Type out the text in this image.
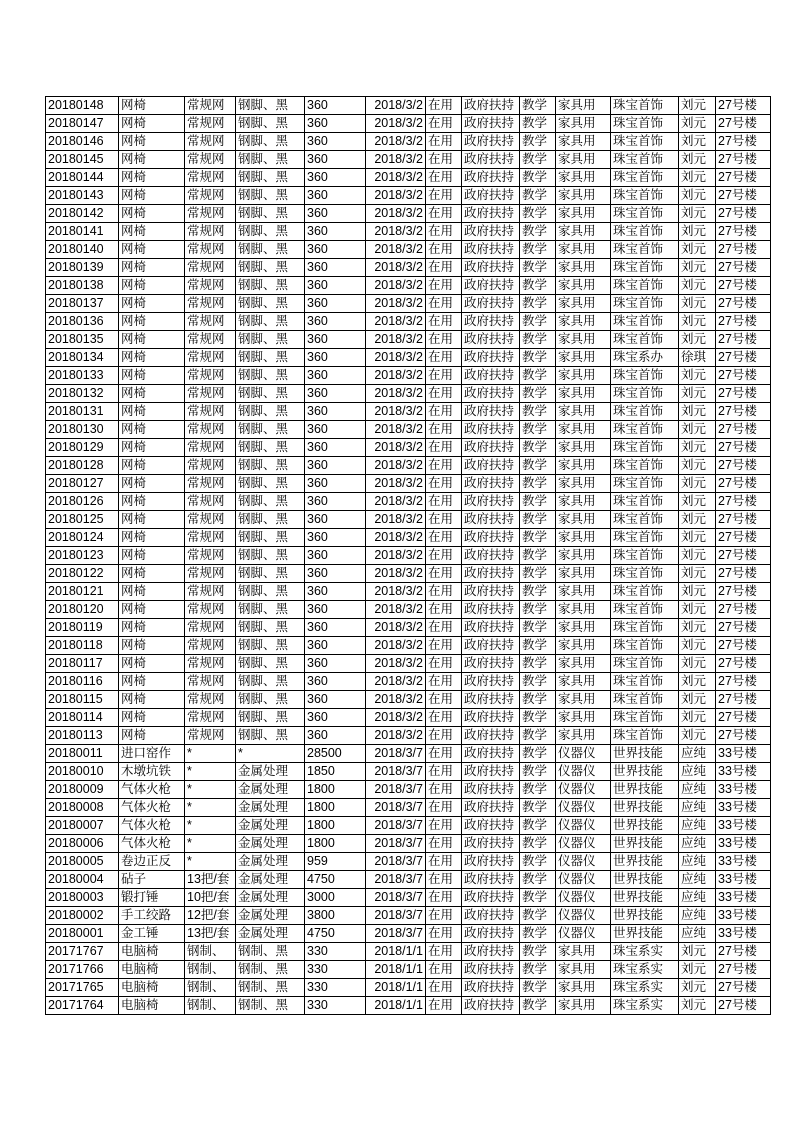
20180148	网椅	常规网	钢脚、黑	360	2018/3/2	在用	政府扶持	教学	家具用	珠宝首饰	刘元	27号楼
20180147	网椅	常规网	钢脚、黑	360	2018/3/2	在用	政府扶持	教学	家具用	珠宝首饰	刘元	27号楼
20180146	网椅	常规网	钢脚、黑	360	2018/3/2	在用	政府扶持	教学	家具用	珠宝首饰	刘元	27号楼
20180145	网椅	常规网	钢脚、黑	360	2018/3/2	在用	政府扶持	教学	家具用	珠宝首饰	刘元	27号楼
20180144	网椅	常规网	钢脚、黑	360	2018/3/2	在用	政府扶持	教学	家具用	珠宝首饰	刘元	27号楼
20180143	网椅	常规网	钢脚、黑	360	2018/3/2	在用	政府扶持	教学	家具用	珠宝首饰	刘元	27号楼
20180142	网椅	常规网	钢脚、黑	360	2018/3/2	在用	政府扶持	教学	家具用	珠宝首饰	刘元	27号楼
20180141	网椅	常规网	钢脚、黑	360	2018/3/2	在用	政府扶持	教学	家具用	珠宝首饰	刘元	27号楼
20180140	网椅	常规网	钢脚、黑	360	2018/3/2	在用	政府扶持	教学	家具用	珠宝首饰	刘元	27号楼
20180139	网椅	常规网	钢脚、黑	360	2018/3/2	在用	政府扶持	教学	家具用	珠宝首饰	刘元	27号楼
20180138	网椅	常规网	钢脚、黑	360	2018/3/2	在用	政府扶持	教学	家具用	珠宝首饰	刘元	27号楼
20180137	网椅	常规网	钢脚、黑	360	2018/3/2	在用	政府扶持	教学	家具用	珠宝首饰	刘元	27号楼
20180136	网椅	常规网	钢脚、黑	360	2018/3/2	在用	政府扶持	教学	家具用	珠宝首饰	刘元	27号楼
20180135	网椅	常规网	钢脚、黑	360	2018/3/2	在用	政府扶持	教学	家具用	珠宝首饰	刘元	27号楼
20180134	网椅	常规网	钢脚、黑	360	2018/3/2	在用	政府扶持	教学	家具用	珠宝系办	徐琪	27号楼
20180133	网椅	常规网	钢脚、黑	360	2018/3/2	在用	政府扶持	教学	家具用	珠宝首饰	刘元	27号楼
20180132	网椅	常规网	钢脚、黑	360	2018/3/2	在用	政府扶持	教学	家具用	珠宝首饰	刘元	27号楼
20180131	网椅	常规网	钢脚、黑	360	2018/3/2	在用	政府扶持	教学	家具用	珠宝首饰	刘元	27号楼
20180130	网椅	常规网	钢脚、黑	360	2018/3/2	在用	政府扶持	教学	家具用	珠宝首饰	刘元	27号楼
20180129	网椅	常规网	钢脚、黑	360	2018/3/2	在用	政府扶持	教学	家具用	珠宝首饰	刘元	27号楼
20180128	网椅	常规网	钢脚、黑	360	2018/3/2	在用	政府扶持	教学	家具用	珠宝首饰	刘元	27号楼
20180127	网椅	常规网	钢脚、黑	360	2018/3/2	在用	政府扶持	教学	家具用	珠宝首饰	刘元	27号楼
20180126	网椅	常规网	钢脚、黑	360	2018/3/2	在用	政府扶持	教学	家具用	珠宝首饰	刘元	27号楼
20180125	网椅	常规网	钢脚、黑	360	2018/3/2	在用	政府扶持	教学	家具用	珠宝首饰	刘元	27号楼
20180124	网椅	常规网	钢脚、黑	360	2018/3/2	在用	政府扶持	教学	家具用	珠宝首饰	刘元	27号楼
20180123	网椅	常规网	钢脚、黑	360	2018/3/2	在用	政府扶持	教学	家具用	珠宝首饰	刘元	27号楼
20180122	网椅	常规网	钢脚、黑	360	2018/3/2	在用	政府扶持	教学	家具用	珠宝首饰	刘元	27号楼
20180121	网椅	常规网	钢脚、黑	360	2018/3/2	在用	政府扶持	教学	家具用	珠宝首饰	刘元	27号楼
20180120	网椅	常规网	钢脚、黑	360	2018/3/2	在用	政府扶持	教学	家具用	珠宝首饰	刘元	27号楼
20180119	网椅	常规网	钢脚、黑	360	2018/3/2	在用	政府扶持	教学	家具用	珠宝首饰	刘元	27号楼
20180118	网椅	常规网	钢脚、黑	360	2018/3/2	在用	政府扶持	教学	家具用	珠宝首饰	刘元	27号楼
20180117	网椅	常规网	钢脚、黑	360	2018/3/2	在用	政府扶持	教学	家具用	珠宝首饰	刘元	27号楼
20180116	网椅	常规网	钢脚、黑	360	2018/3/2	在用	政府扶持	教学	家具用	珠宝首饰	刘元	27号楼
20180115	网椅	常规网	钢脚、黑	360	2018/3/2	在用	政府扶持	教学	家具用	珠宝首饰	刘元	27号楼
20180114	网椅	常规网	钢脚、黑	360	2018/3/2	在用	政府扶持	教学	家具用	珠宝首饰	刘元	27号楼
20180113	网椅	常规网	钢脚、黑	360	2018/3/2	在用	政府扶持	教学	家具用	珠宝首饰	刘元	27号楼
20180011	进口窑作	*	*	28500	2018/3/7	在用	政府扶持	教学	仪器仪	世界技能	应纯	33号楼
20180010	木墩坑铁	*	金属处理	1850	2018/3/7	在用	政府扶持	教学	仪器仪	世界技能	应纯	33号楼
20180009	气体火枪	*	金属处理	1800	2018/3/7	在用	政府扶持	教学	仪器仪	世界技能	应纯	33号楼
20180008	气体火枪	*	金属处理	1800	2018/3/7	在用	政府扶持	教学	仪器仪	世界技能	应纯	33号楼
20180007	气体火枪	*	金属处理	1800	2018/3/7	在用	政府扶持	教学	仪器仪	世界技能	应纯	33号楼
20180006	气体火枪	*	金属处理	1800	2018/3/7	在用	政府扶持	教学	仪器仪	世界技能	应纯	33号楼
20180005	卷边正反	*	金属处理	959	2018/3/7	在用	政府扶持	教学	仪器仪	世界技能	应纯	33号楼
20180004	砧子	13把/套	金属处理	4750	2018/3/7	在用	政府扶持	教学	仪器仪	世界技能	应纯	33号楼
20180003	锻打锤	10把/套	金属处理	3000	2018/3/7	在用	政府扶持	教学	仪器仪	世界技能	应纯	33号楼
20180002	手工绞路	12把/套	金属处理	3800	2018/3/7	在用	政府扶持	教学	仪器仪	世界技能	应纯	33号楼
20180001	金工锤	13把/套	金属处理	4750	2018/3/7	在用	政府扶持	教学	仪器仪	世界技能	应纯	33号楼
20171767	电脑椅	钢制、	钢制、黑	330	2018/1/1	在用	政府扶持	教学	家具用	珠宝系实	刘元	27号楼
20171766	电脑椅	钢制、	钢制、黑	330	2018/1/1	在用	政府扶持	教学	家具用	珠宝系实	刘元	27号楼
20171765	电脑椅	钢制、	钢制、黑	330	2018/1/1	在用	政府扶持	教学	家具用	珠宝系实	刘元	27号楼
20171764	电脑椅	钢制、	钢制、黑	330	2018/1/1	在用	政府扶持	教学	家具用	珠宝系实	刘元	27号楼
